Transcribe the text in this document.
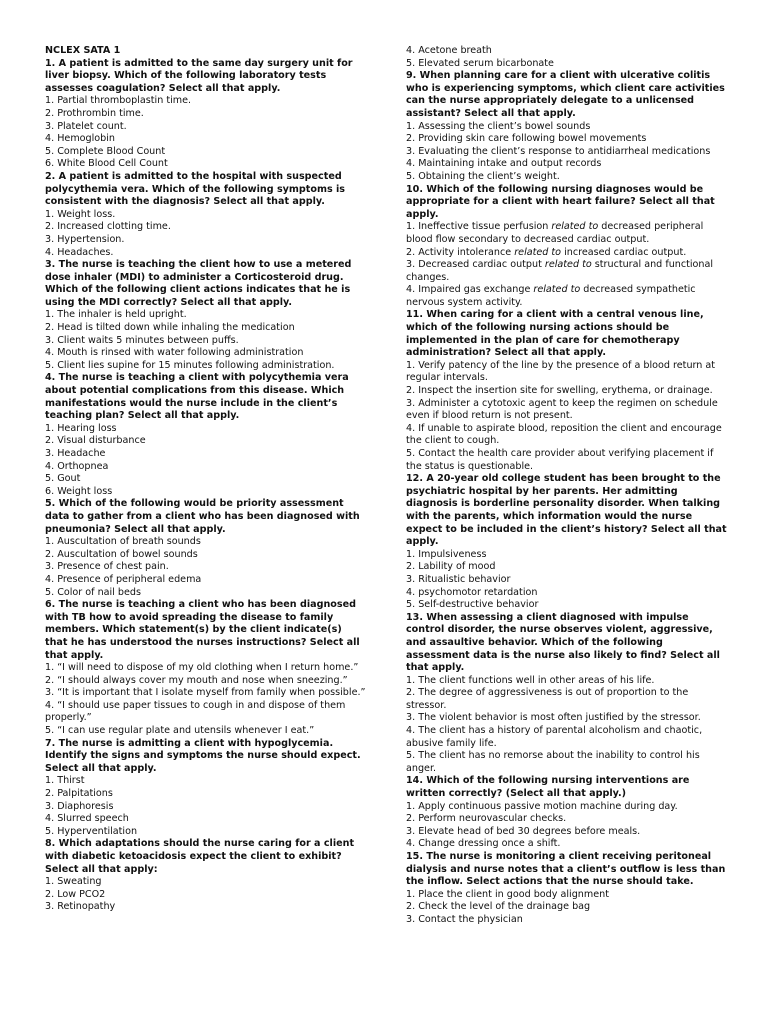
NCLEX SATA 1
1. A patient is admitted to the same day surgery unit for liver biopsy. Which of the following laboratory tests assesses coagulation? Select all that apply.
1. Partial thromboplastin time.
2. Prothrombin time.
3. Platelet count.
4. Hemoglobin
5. Complete Blood Count
6. White Blood Cell Count
2. A patient is admitted to the hospital with suspected polycythemia vera. Which of the following symptoms is consistent with the diagnosis? Select all that apply.
1. Weight loss.
2. Increased clotting time.
3. Hypertension.
4. Headaches.
3. The nurse is teaching the client how to use a metered dose inhaler (MDI) to administer a Corticosteroid drug. Which of the following client actions indicates that he is using the MDI correctly? Select all that apply.
1. The inhaler is held upright.
2. Head is tilted down while inhaling the medication
3. Client waits 5 minutes between puffs.
4. Mouth is rinsed with water following administration
5. Client lies supine for 15 minutes following administration.
4. The nurse is teaching a client with polycythemia vera about potential complications from this disease. Which manifestations would the nurse include in the client’s teaching plan? Select all that apply.
1. Hearing loss
2. Visual disturbance
3. Headache
4. Orthopnea
5. Gout
6. Weight loss
5. Which of the following would be priority assessment data to gather from a client who has been diagnosed with pneumonia? Select all that apply.
1. Auscultation of breath sounds
2. Auscultation of bowel sounds
3. Presence of chest pain.
4. Presence of peripheral edema
5. Color of nail beds
6. The nurse is teaching a client who has been diagnosed with TB how to avoid spreading the disease to family members. Which statement(s) by the client indicate(s) that he has understood the nurses instructions? Select all that apply.
1. “I will need to dispose of my old clothing when I return home.”
2. “I should always cover my mouth and nose when sneezing.”
3. “It is important that I isolate myself from family when possible.”
4. “I should use paper tissues to cough in and dispose of them properly.”
5. “I can use regular plate and utensils whenever I eat.”
7. The nurse is admitting a client with hypoglycemia. Identify the signs and symptoms the nurse should expect. Select all that apply.
1. Thirst
2. Palpitations
3. Diaphoresis
4. Slurred speech
5. Hyperventilation
8. Which adaptations should the nurse caring for a client with diabetic ketoacidosis expect the client to exhibit? Select all that apply:
1. Sweating
2. Low PCO2
3. Retinopathy
4. Acetone breath
5. Elevated serum bicarbonate
9. When planning care for a client with ulcerative colitis who is experiencing symptoms, which client care activities can the nurse appropriately delegate to a unlicensed assistant? Select all that apply.
1. Assessing the client’s bowel sounds
2. Providing skin care following bowel movements
3. Evaluating the client’s response to antidiarrheal medications
4. Maintaining intake and output records
5. Obtaining the client’s weight.
10. Which of the following nursing diagnoses would be appropriate for a client with heart failure? Select all that apply.
1. Ineffective tissue perfusion related to decreased peripheral blood flow secondary to decreased cardiac output.
2. Activity intolerance related to increased cardiac output.
3. Decreased cardiac output related to structural and functional changes.
4. Impaired gas exchange related to decreased sympathetic nervous system activity.
11. When caring for a client with a central venous line, which of the following nursing actions should be implemented in the plan of care for chemotherapy administration? Select all that apply.
1. Verify patency of the line by the presence of a blood return at regular intervals.
2. Inspect the insertion site for swelling, erythema, or drainage.
3. Administer a cytotoxic agent to keep the regimen on schedule even if blood return is not present.
4. If unable to aspirate blood, reposition the client and encourage the client to cough.
5. Contact the health care provider about verifying placement if the status is questionable.
12. A 20-year old college student has been brought to the psychiatric hospital by her parents. Her admitting diagnosis is borderline personality disorder. When talking with the parents, which information would the nurse expect to be included in the client’s history? Select all that apply.
1. Impulsiveness
2. Lability of mood
3. Ritualistic behavior
4. psychomotor retardation
5. Self-destructive behavior
13. When assessing a client diagnosed with impulse control disorder, the nurse observes violent, aggressive, and assaultive behavior. Which of the following assessment data is the nurse also likely to find? Select all that apply.
1. The client functions well in other areas of his life.
2. The degree of aggressiveness is out of proportion to the stressor.
3. The violent behavior is most often justified by the stressor.
4. The client has a history of parental alcoholism and chaotic, abusive family life.
5. The client has no remorse about the inability to control his anger.
14. Which of the following nursing interventions are written correctly? (Select all that apply.)
1. Apply continuous passive motion machine during day.
2. Perform neurovascular checks.
3. Elevate head of bed 30 degrees before meals.
4. Change dressing once a shift.
15. The nurse is monitoring a client receiving peritoneal dialysis and nurse notes that a client’s outflow is less than the inflow. Select actions that the nurse should take.
1. Place the client in good body alignment
2. Check the level of the drainage bag
3. Contact the physician
